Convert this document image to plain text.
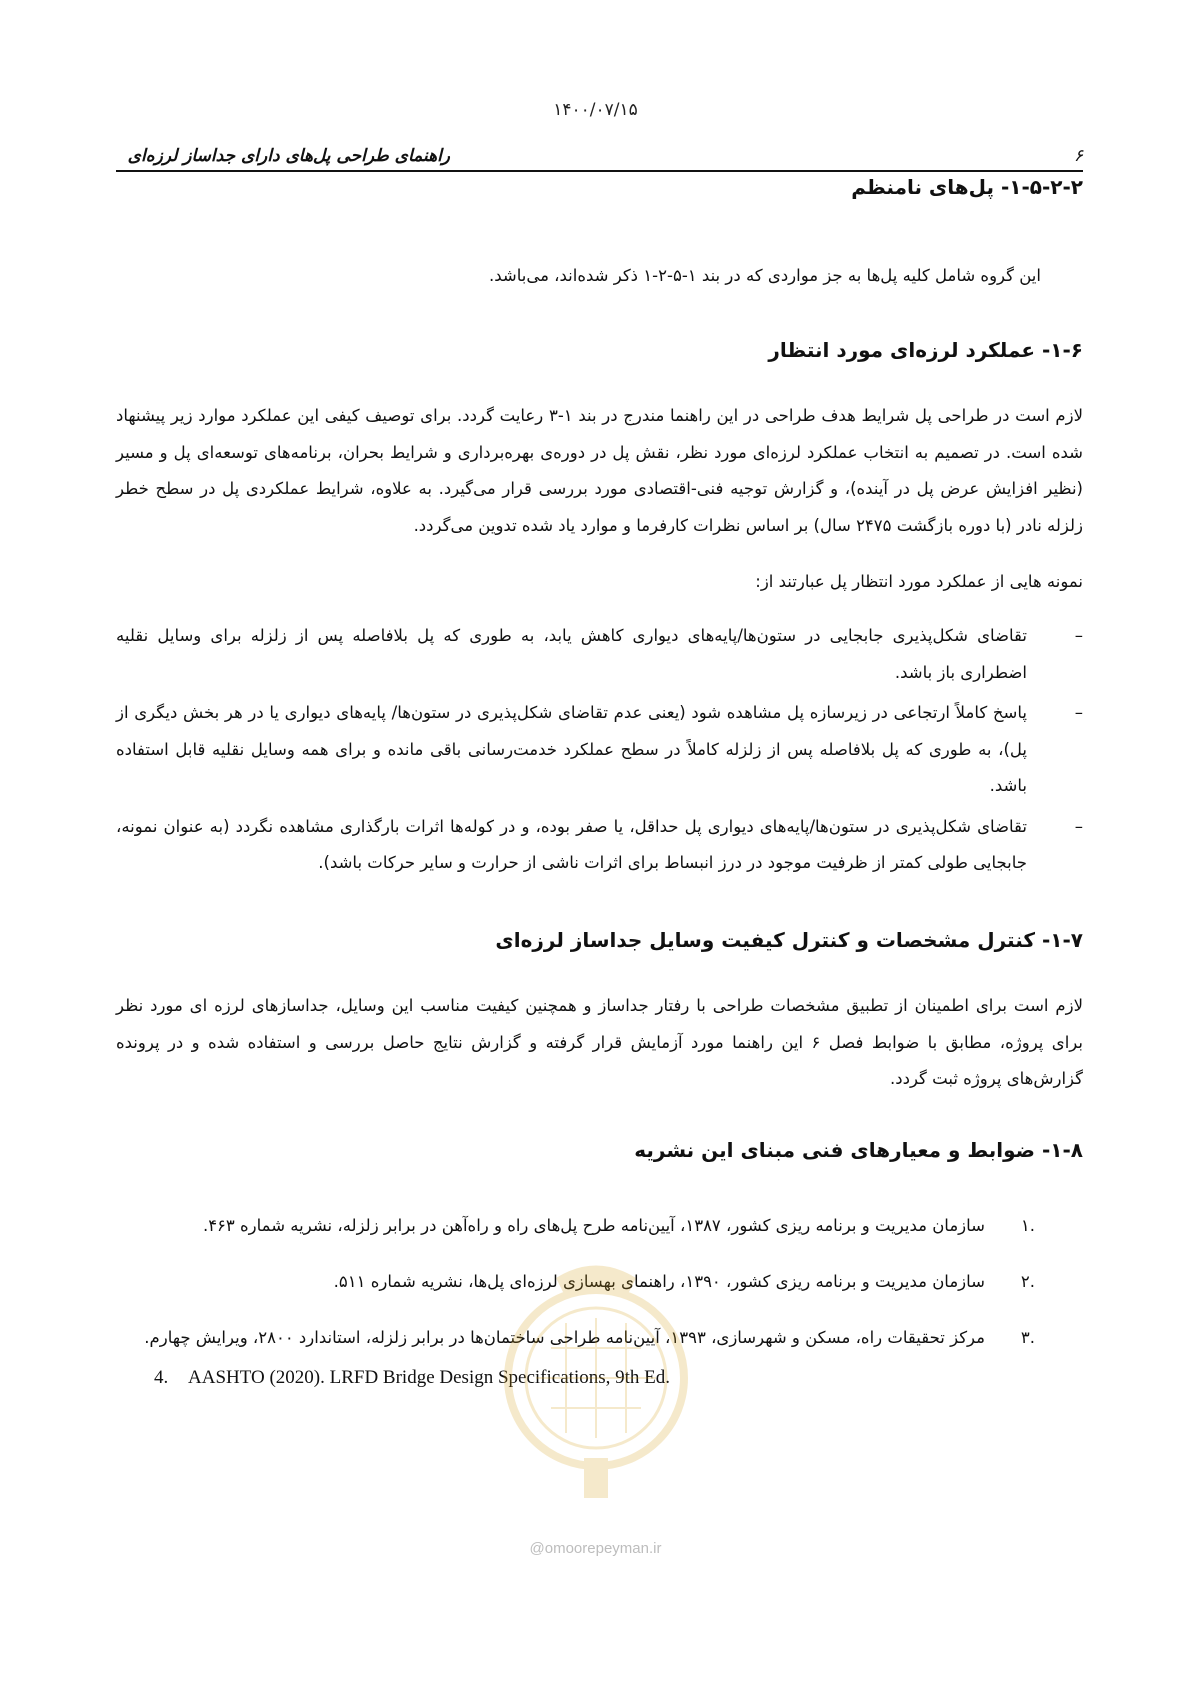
۱۴۰۰/۰۷/۱۵
راهنمای طراحی پل‌های دارای جداساز لرزه‌ای	۶
۱-۵-۲-۲- پل‌های نامنظم
این گروه شامل کلیه پل‌ها به جز مواردی که در بند ۱-۵-۲-۱ ذکر شده‌اند، می‌باشد.
۱-۶- عملکرد لرزه‌ای مورد انتظار

لازم است در طراحی پل شرایط هدف طراحی در این راهنما مندرج در بند ۱-۳ رعایت گردد. برای توصیف کیفی این عملکرد موارد زیر پیشنهاد شده است. در تصمیم به انتخاب عملکرد لرزه‌ای مورد نظر، نقش پل در دوره‌ی بهره‌برداری و شرایط بحران، برنامه‌های توسعه‌ای پل و مسیر (نظیر افزایش عرض پل در آینده)، و گزارش توجیه فنی-اقتصادی مورد بررسی قرار می‌گیرد. به علاوه، شرایط عملکردی پل در سطح خطر زلزله نادر (با دوره بازگشت ۲۴۷۵ سال) بر اساس نظرات کارفرما و موارد یاد شده تدوین می‌گردد.

نمونه هایی از عملکرد مورد انتظار پل عبارتند از:
–
تقاضای شکل‌پذیری جابجایی در ستون‌ها/پایه‌های دیواری کاهش یابد، به طوری که پل بلافاصله پس از زلزله برای وسایل نقلیه اضطراری باز باشد.
–
پاسخ کاملاً ارتجاعی در زیرسازه پل مشاهده شود (یعنی عدم تقاضای شکل‌پذیری در ستون‌ها/ پایه‌های دیواری یا در هر بخش دیگری از پل)، به طوری که پل بلافاصله پس از زلزله کاملاً در سطح عملکرد خدمت‌رسانی باقی مانده و برای همه وسایل نقلیه قابل استفاده باشد.
–
تقاضای شکل‌پذیری در ستون‌ها/پایه‌های دیواری پل حداقل، یا صفر بوده، و در کوله‌ها اثرات بارگذاری مشاهده نگردد (به عنوان نمونه، جابجایی طولی کمتر از ظرفیت موجود در درز انبساط برای اثرات ناشی از حرارت و سایر حرکات باشد).
۱-۷- کنترل مشخصات و کنترل کیفیت وسایل جداساز لرزه‌ای

لازم است برای اطمینان از تطبیق مشخصات طراحی با رفتار جداساز و همچنین کیفیت مناسب این وسایل، جداسازهای لرزه ای مورد نظر برای پروژه، مطابق با ضوابط فصل ۶ این راهنما مورد آزمایش قرار گرفته و گزارش نتایج حاصل بررسی و استفاده شده و در پرونده گزارش‌های پروژه ثبت گردد.

۱-۸- ضوابط و معیارهای فنی مبنای این نشریه
.۱
سازمان مدیریت و برنامه ریزی کشور، ۱۳۸۷، آیین‌نامه طرح پل‌های راه و راه‌آهن در برابر زلزله، نشریه شماره ۴۶۳.
.۲
سازمان مدیریت و برنامه ریزی کشور، ۱۳۹۰، راهنمای بهسازی لرزه‌ای پل‌ها، نشریه شماره ۵۱۱.
.۳
مرکز تحقیقات راه، مسکن و شهرسازی، ۱۳۹۳، آیین‌نامه طراحی ساختمان‌ها در برابر زلزله، استاندارد ۲۸۰۰، ویرایش چهارم.
4. AASHTO (2020). LRFD Bridge Design Specifications, 9th Ed.
@omoorepeyman.ir
